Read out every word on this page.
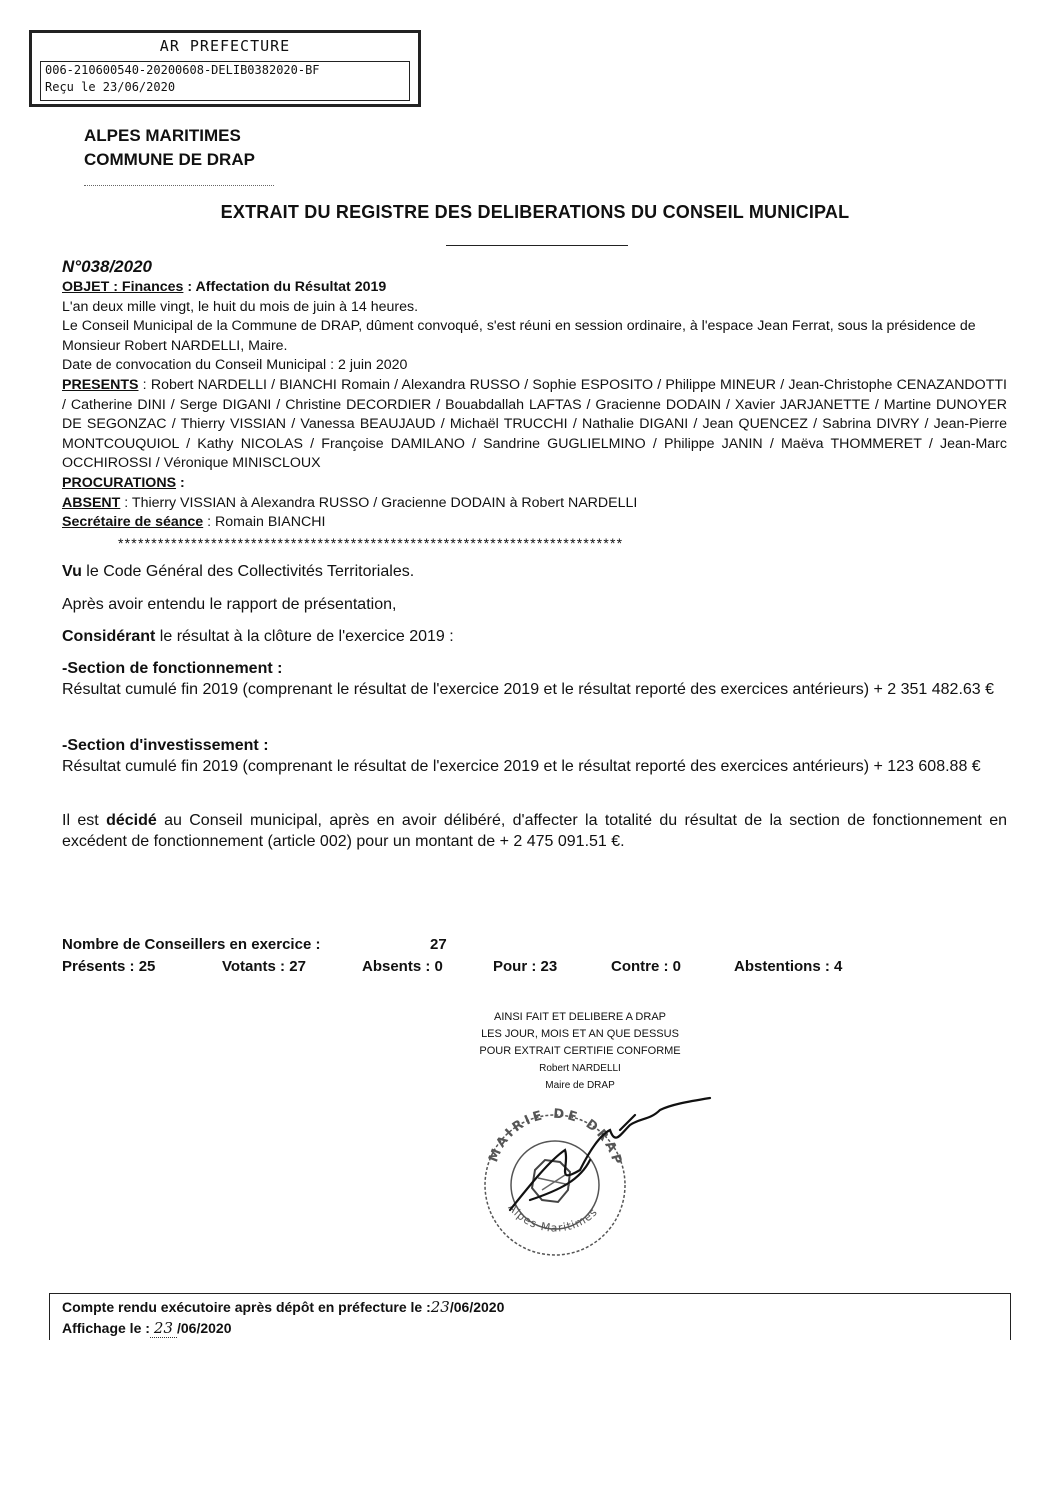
AR PREFECTURE
006-210600540-20200608-DELIB0382020-BF
Reçu le 23/06/2020
ALPES MARITIMES
COMMUNE DE DRAP
EXTRAIT DU REGISTRE DES DELIBERATIONS DU CONSEIL MUNICIPAL
N°038/2020
OBJET : Finances : Affectation du Résultat 2019
L'an deux mille vingt, le huit du mois de juin à 14 heures.
Le Conseil Municipal de la Commune de DRAP, dûment convoqué, s'est réuni en session ordinaire, à l'espace Jean Ferrat, sous la présidence de Monsieur Robert NARDELLI, Maire.
Date de convocation du Conseil Municipal : 2 juin 2020
PRESENTS : Robert NARDELLI / BIANCHI Romain / Alexandra RUSSO / Sophie ESPOSITO / Philippe MINEUR / Jean-Christophe CENAZANDOTTI / Catherine DINI / Serge DIGANI / Christine DECORDIER / Bouabdallah LAFTAS / Gracienne DODAIN / Xavier JARJANETTE / Martine DUNOYER DE SEGONZAC / Thierry VISSIAN / Vanessa BEAUJAUD / Michaël TRUCCHI / Nathalie DIGANI / Jean QUENCEZ / Sabrina DIVRY / Jean-Pierre MONTCOUQUIOL / Kathy NICOLAS / Françoise DAMILANO / Sandrine GUGLIELMINO / Philippe JANIN / Maëva THOMMERET / Jean-Marc OCCHIROSSI / Véronique MINISCLOUX
PROCURATIONS :
ABSENT : Thierry VISSIAN à Alexandra RUSSO / Gracienne DODAIN à Robert NARDELLI
Secrétaire de séance : Romain BIANCHI
****************************************************************************
Vu le Code Général des Collectivités Territoriales.
Après avoir entendu le rapport de présentation,
Considérant le résultat à la clôture de l'exercice 2019 :
-Section de fonctionnement :
Résultat cumulé fin 2019 (comprenant le résultat de l'exercice 2019 et le résultat reporté des exercices antérieurs) + 2 351 482.63 €
-Section d'investissement :
Résultat cumulé fin 2019 (comprenant le résultat de l'exercice 2019 et le résultat reporté des exercices antérieurs) + 123 608.88 €
Il est décidé au Conseil municipal, après en avoir délibéré, d'affecter la totalité du résultat de la section de fonctionnement en excédent de fonctionnement (article 002) pour un montant de + 2 475 091.51 €.
Nombre de Conseillers en exercice :	27
Présents : 25	Votants : 27	Absents : 0	Pour : 23	Contre : 0	Abstentions : 4
AINSI FAIT ET DELIBERE A DRAP
LES JOUR, MOIS ET AN QUE DESSUS
POUR EXTRAIT CERTIFIE CONFORME
Robert NARDELLI
Maire de DRAP
MAIRIE DE DRAP
Alpes-Maritimes
Compte rendu exécutoire après dépôt en préfecture le :23/06/2020
Affichage le : 23 /06/2020
